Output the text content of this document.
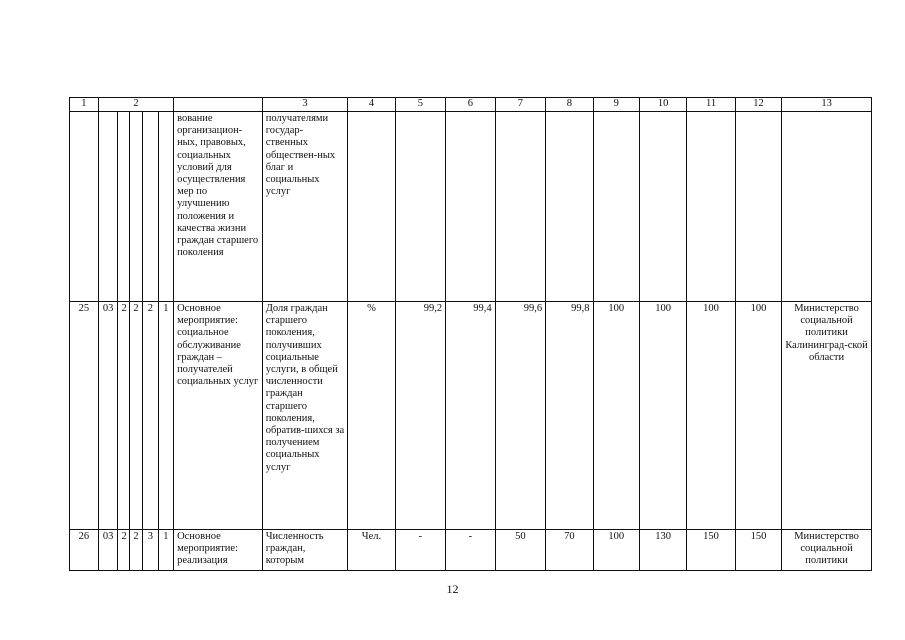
1	2						3	4	5	6	7	8	9	10	11	12	13
						вование организацион-ных, правовых, социальных условий для осуществления мер по улучшению положения и качества жизни граждан старшего поколения	получателями государ-ственных обществен-ных благ и социальных услуг										
25	03	2	2	2	1	Основное мероприятие: социальное обслуживание граждан – получателей социальных услуг	Доля граждан старшего поколения, получивших социальные услуги, в общей численности граждан старшего поколения, обратив-шихся за получением социальных услуг	%	99,2	99,4	99,6	99,8	100	100	100	100	Министерство социальной политики Калининград-ской области
26	03	2	2	3	1	Основное мероприятие: реализация	Численность граждан, которым	Чел.	-	-	50	70	100	130	150	150	Министерство социальной политики
12
